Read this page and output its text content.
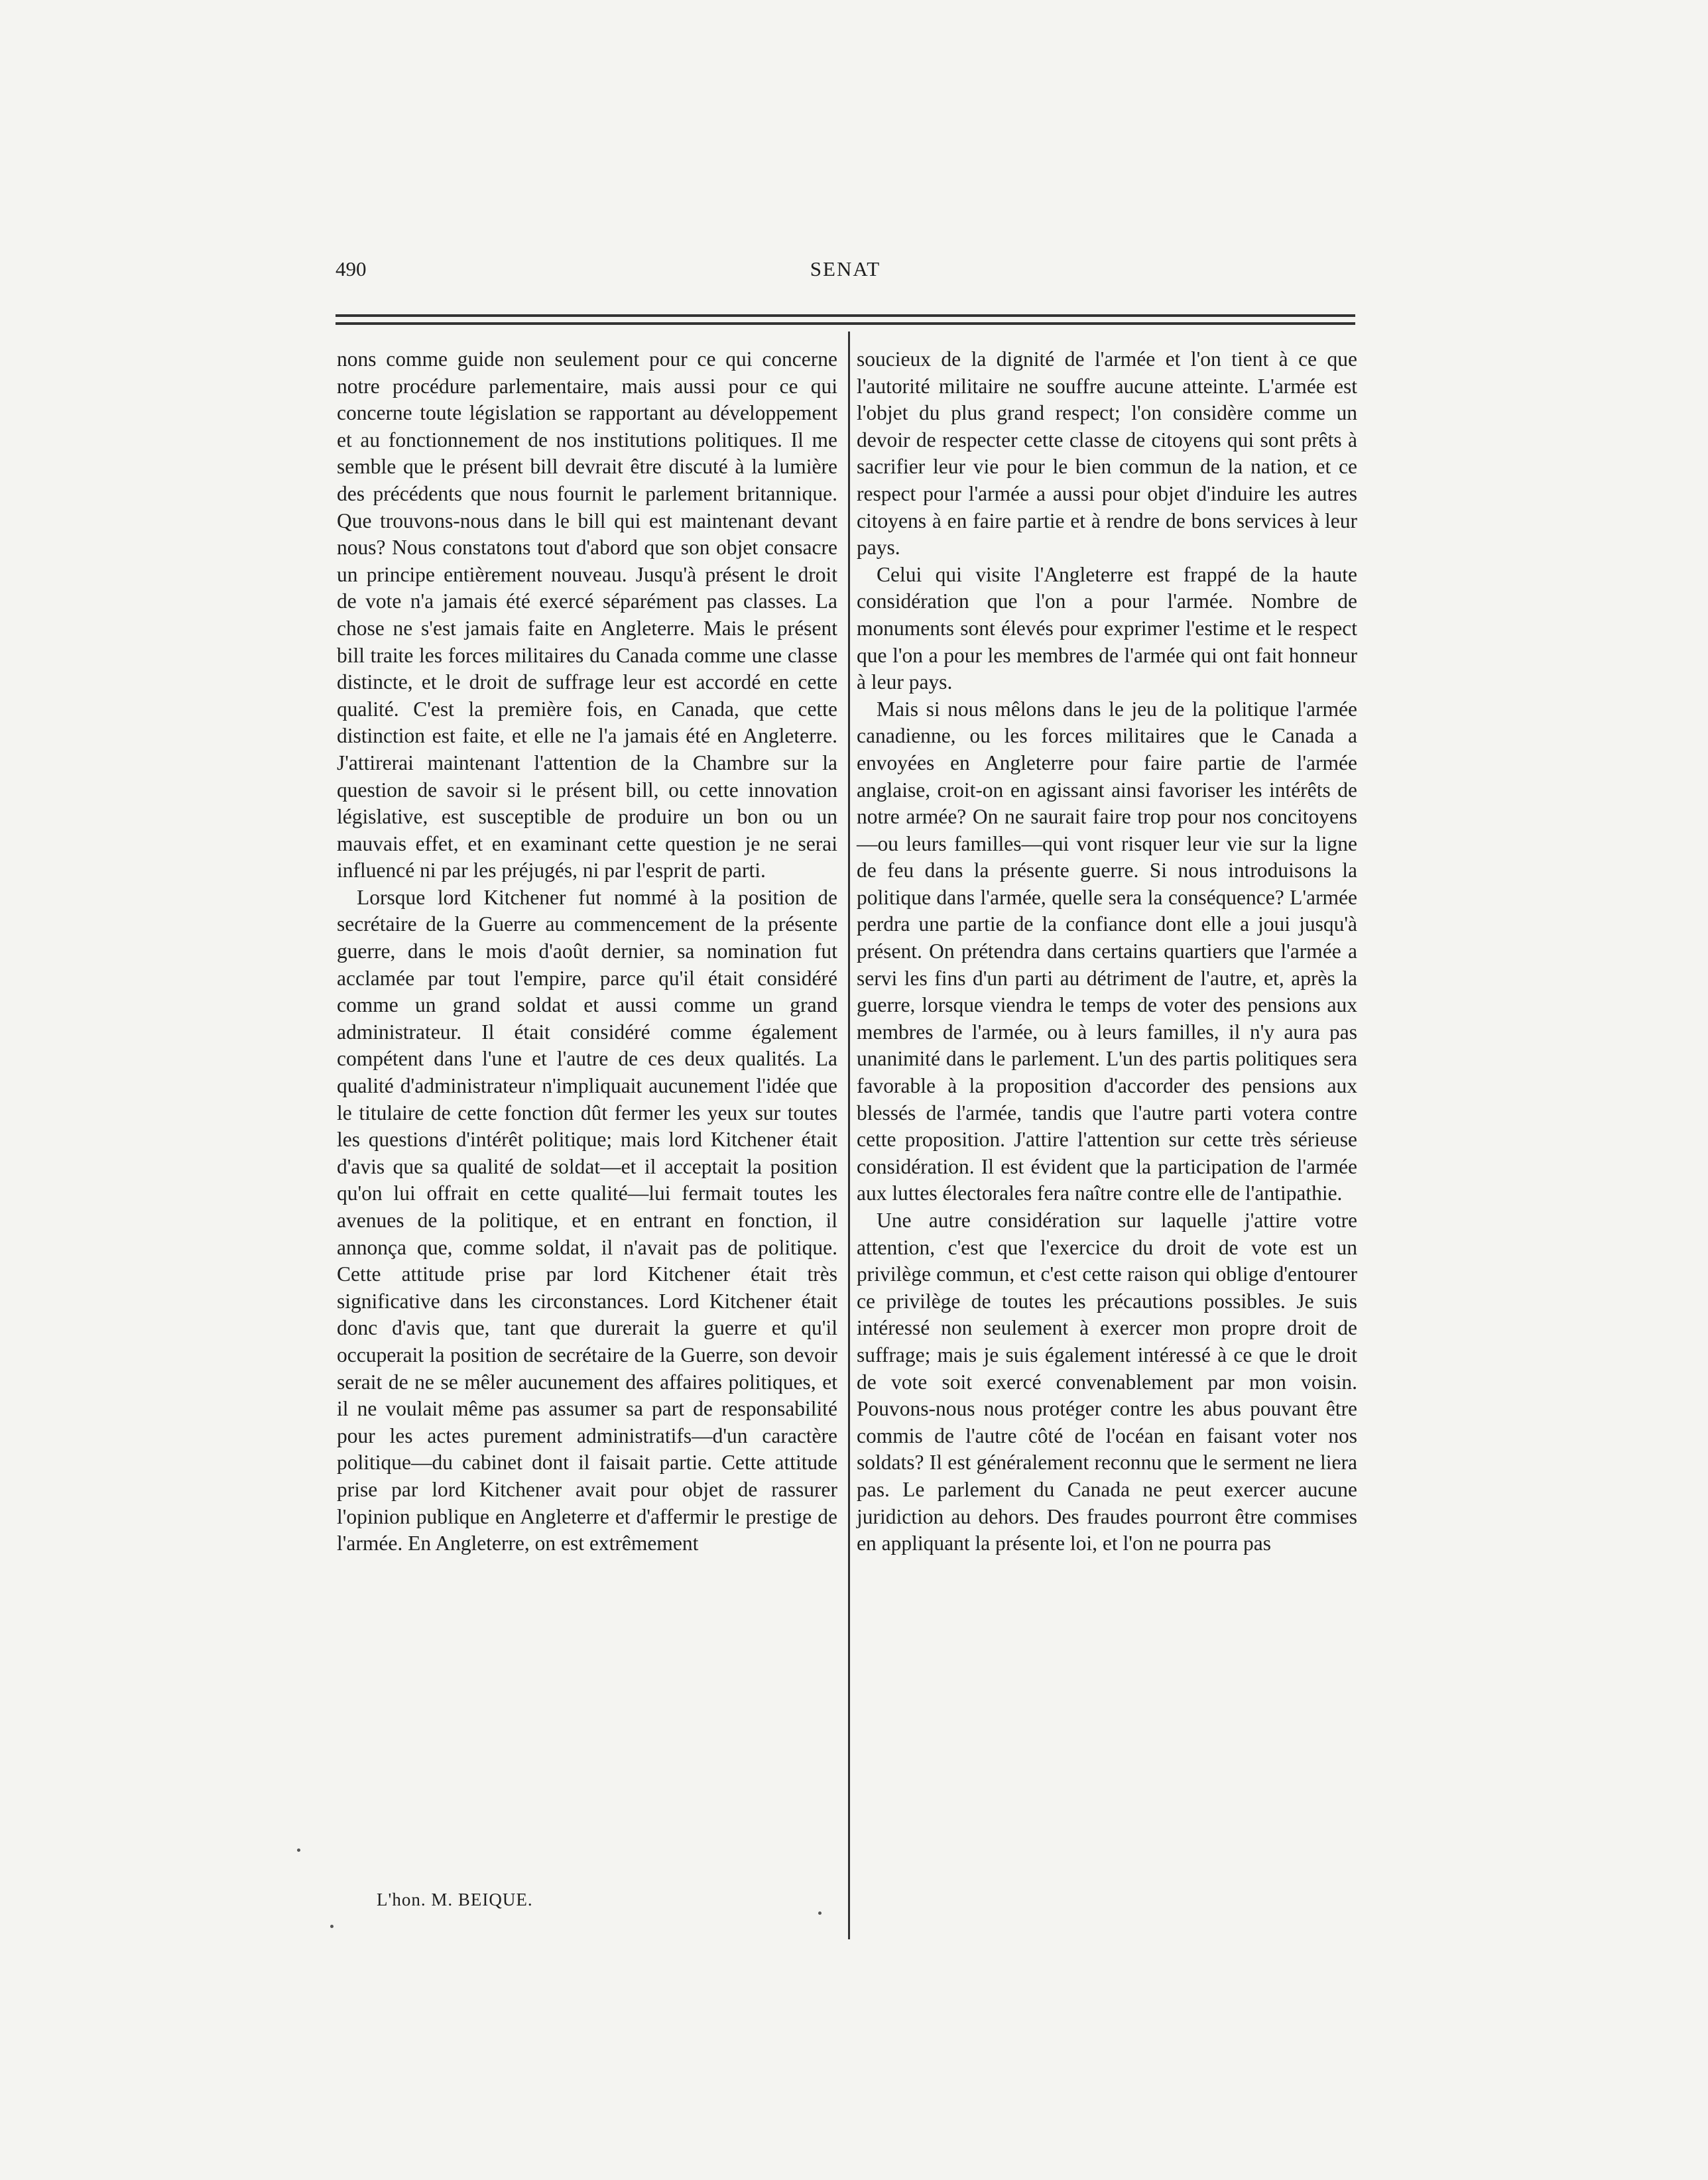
490	SENAT

nons comme guide non seulement pour ce qui concerne notre procédure parlementaire, mais aussi pour ce qui concerne toute législation se rapportant au développement et au fonctionnement de nos institutions politiques. Il me semble que le présent bill devrait être discuté à la lumière des précédents que nous fournit le parlement britannique. Que trouvons-nous dans le bill qui est maintenant devant nous? Nous constatons tout d'abord que son objet consacre un principe entièrement nouveau. Jusqu'à présent le droit de vote n'a jamais été exercé séparément pas classes. La chose ne s'est jamais faite en Angleterre. Mais le présent bill traite les forces militaires du Canada comme une classe distincte, et le droit de suffrage leur est accordé en cette qualité. C'est la première fois, en Canada, que cette distinction est faite, et elle ne l'a jamais été en Angleterre. J'attirerai maintenant l'attention de la Chambre sur la question de savoir si le présent bill, ou cette innovation législative, est susceptible de produire un bon ou un mauvais effet, et en examinant cette question je ne serai influencé ni par les préjugés, ni par l'esprit de parti.

Lorsque lord Kitchener fut nommé à la position de secrétaire de la Guerre au commencement de la présente guerre, dans le mois d'août dernier, sa nomination fut acclamée par tout l'empire, parce qu'il était considéré comme un grand soldat et aussi comme un grand administrateur. Il était considéré comme également compétent dans l'une et l'autre de ces deux qualités. La qualité d'administrateur n'impliquait aucunement l'idée que le titulaire de cette fonction dût fermer les yeux sur toutes les questions d'intérêt politique; mais lord Kitchener était d'avis que sa qualité de soldat—et il acceptait la position qu'on lui offrait en cette qualité—lui fermait toutes les avenues de la politique, et en entrant en fonction, il annonça que, comme soldat, il n'avait pas de politique. Cette attitude prise par lord Kitchener était très significative dans les circonstances. Lord Kitchener était donc d'avis que, tant que durerait la guerre et qu'il occuperait la position de secrétaire de la Guerre, son devoir serait de ne se mêler aucunement des affaires politiques, et il ne voulait même pas assumer sa part de responsabilité pour les actes purement administratifs—d'un caractère politique—du cabinet dont il faisait partie. Cette attitude prise par lord Kitchener avait pour objet de rassurer l'opinion publique en Angleterre et d'affermir le prestige de l'armée. En Angleterre, on est extrêmement

soucieux de la dignité de l'armée et l'on tient à ce que l'autorité militaire ne souffre aucune atteinte. L'armée est l'objet du plus grand respect; l'on considère comme un devoir de respecter cette classe de citoyens qui sont prêts à sacrifier leur vie pour le bien commun de la nation, et ce respect pour l'armée a aussi pour objet d'induire les autres citoyens à en faire partie et à rendre de bons services à leur pays.

Celui qui visite l'Angleterre est frappé de la haute considération que l'on a pour l'armée. Nombre de monuments sont élevés pour exprimer l'estime et le respect que l'on a pour les membres de l'armée qui ont fait honneur à leur pays.

Mais si nous mêlons dans le jeu de la politique l'armée canadienne, ou les forces militaires que le Canada a envoyées en Angleterre pour faire partie de l'armée anglaise, croit-on en agissant ainsi favoriser les intérêts de notre armée? On ne saurait faire trop pour nos concitoyens—ou leurs familles—qui vont risquer leur vie sur la ligne de feu dans la présente guerre. Si nous introduisons la politique dans l'armée, quelle sera la conséquence? L'armée perdra une partie de la confiance dont elle a joui jusqu'à présent. On prétendra dans certains quartiers que l'armée a servi les fins d'un parti au détriment de l'autre, et, après la guerre, lorsque viendra le temps de voter des pensions aux membres de l'armée, ou à leurs familles, il n'y aura pas unanimité dans le parlement. L'un des partis politiques sera favorable à la proposition d'accorder des pensions aux blessés de l'armée, tandis que l'autre parti votera contre cette proposition. J'attire l'attention sur cette très sérieuse considération. Il est évident que la participation de l'armée aux luttes électorales fera naître contre elle de l'antipathie.

Une autre considération sur laquelle j'attire votre attention, c'est que l'exercice du droit de vote est un privilège commun, et c'est cette raison qui oblige d'entourer ce privilège de toutes les précautions possibles. Je suis intéressé non seulement à exercer mon propre droit de suffrage; mais je suis également intéressé à ce que le droit de vote soit exercé convenablement par mon voisin. Pouvons-nous nous protéger contre les abus pouvant être commis de l'autre côté de l'océan en faisant voter nos soldats? Il est généralement reconnu que le serment ne liera pas. Le parlement du Canada ne peut exercer aucune juridiction au dehors. Des fraudes pourront être commises en appliquant la présente loi, et l'on ne pourra pas

L'hon. M. BEIQUE.
